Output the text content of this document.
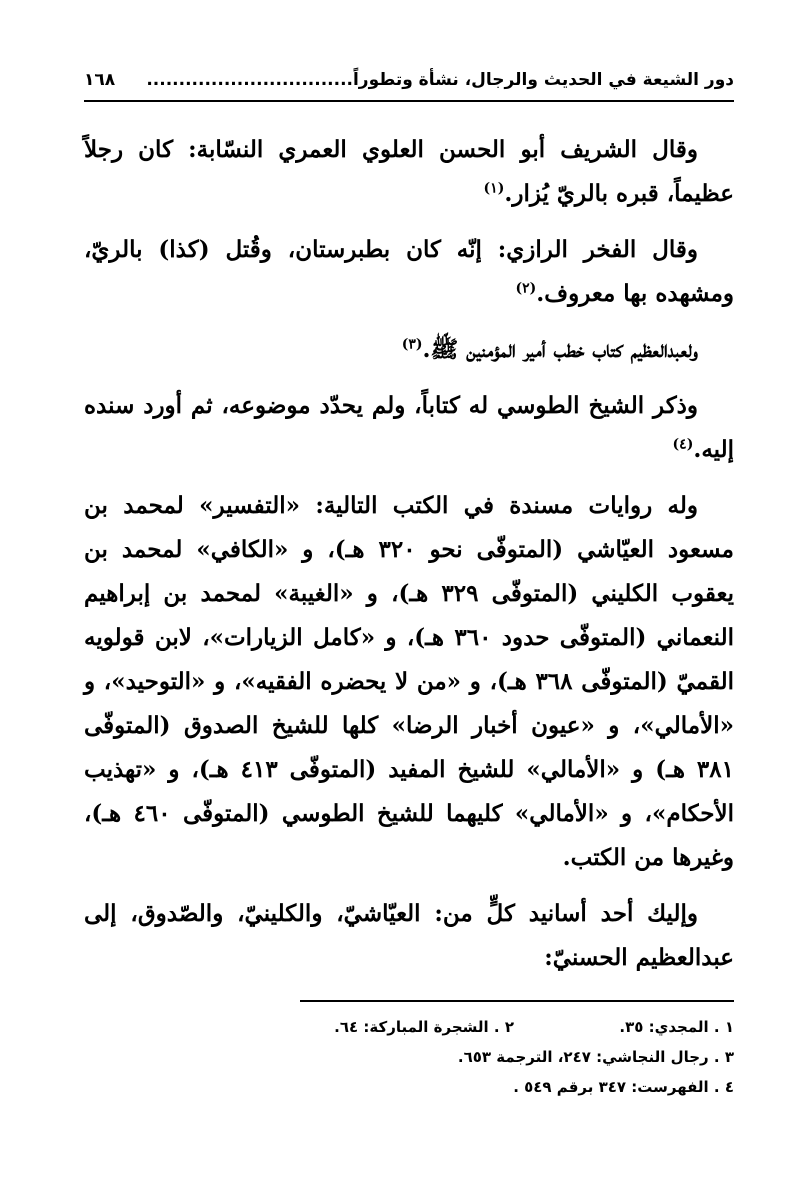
دور الشيعة في الحديث والرجال، نشأة وتطوراً................................
١٦٨

وقال الشريف أبو الحسن العلوي العمري النسّابة: كان رجلاً عظيماً، قبره بالريّ يُزار.$^{(١)}$

وقال الفخر الرازي: إنّه كان بطبرستان، وقُتل (كذا) بالريّ، ومشهده بها معروف.$^{(٢)}$

ولعبدالعظيم كتاب خطب أمير المؤمنين ﷺ.$^{(٣)}$

وذكر الشيخ الطوسي له كتاباً، ولم يحدّد موضوعه، ثم أورد سنده إليه.$^{(٤)}$

وله روايات مسندة في الكتب التالية: «التفسير» لمحمد بن مسعود العيّاشي (المتوفّى نحو ٣٢٠ هـ)، و «الكافي» لمحمد بن يعقوب الكليني (المتوفّى ٣٢٩ هـ)، و «الغيبة» لمحمد بن إبراهيم النعماني (المتوفّى حدود ٣٦٠ هـ)، و «كامل الزيارات»، لابن قولويه القميّ (المتوفّى ٣٦٨ هـ)، و «من لا يحضره الفقيه»، و «التوحيد»، و «الأمالي»، و «عيون أخبار الرضا» كلها للشيخ الصدوق (المتوفّى ٣٨١ هـ) و «الأمالي» للشيخ المفيد (المتوفّى ٤١٣ هـ)، و «تهذيب الأحكام»، و «الأمالي» كليهما للشيخ الطوسي (المتوفّى ٤٦٠ هـ)، وغيرها من الكتب.

وإليك أحد أسانيد كلٍّ من: العيّاشيّ، والكلينيّ، والصّدوق، إلى عبدالعظيم الحسنيّ:

١ . المجدي: ٣٥.
٢ . الشجرة المباركة: ٦٤.
٣ . رجال النجاشي: ٢٤٧، الترجمة ٦٥٣.
٤ . الفهرست: ٣٤٧ برقم ٥٤٩ .
